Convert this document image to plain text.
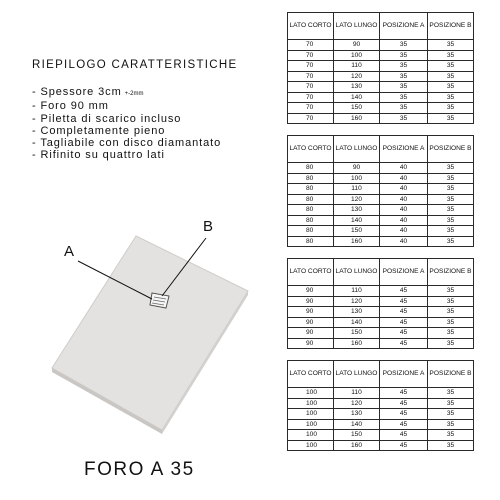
RIEPILOGO CARATTERISTICHE
- Spessore 3cm +-2mm
- Foro 90 mm
- Piletta di scarico incluso
- Completamente pieno
- Tagliabile con disco diamantato
- Rifinito su quattro lati
A
B
FORO A 35
LATO CORTO	LATO LUNGO	POSIZIONE A	POSIZIONE B
70	90	35	35
70	100	35	35
70	110	35	35
70	120	35	35
70	130	35	35
70	140	35	35
70	150	35	35
70	160	35	35
LATO CORTO	LATO LUNGO	POSIZIONE A	POSIZIONE B
80	90	40	35
80	100	40	35
80	110	40	35
80	120	40	35
80	130	40	35
80	140	40	35
80	150	40	35
80	160	40	35
LATO CORTO	LATO LUNGO	POSIZIONE A	POSIZIONE B
90	110	45	35
90	120	45	35
90	130	45	35
90	140	45	35
90	150	45	35
90	160	45	35
LATO CORTO	LATO LUNGO	POSIZIONE A	POSIZIONE B
100	110	45	35
100	120	45	35
100	130	45	35
100	140	45	35
100	150	45	35
100	160	45	35
